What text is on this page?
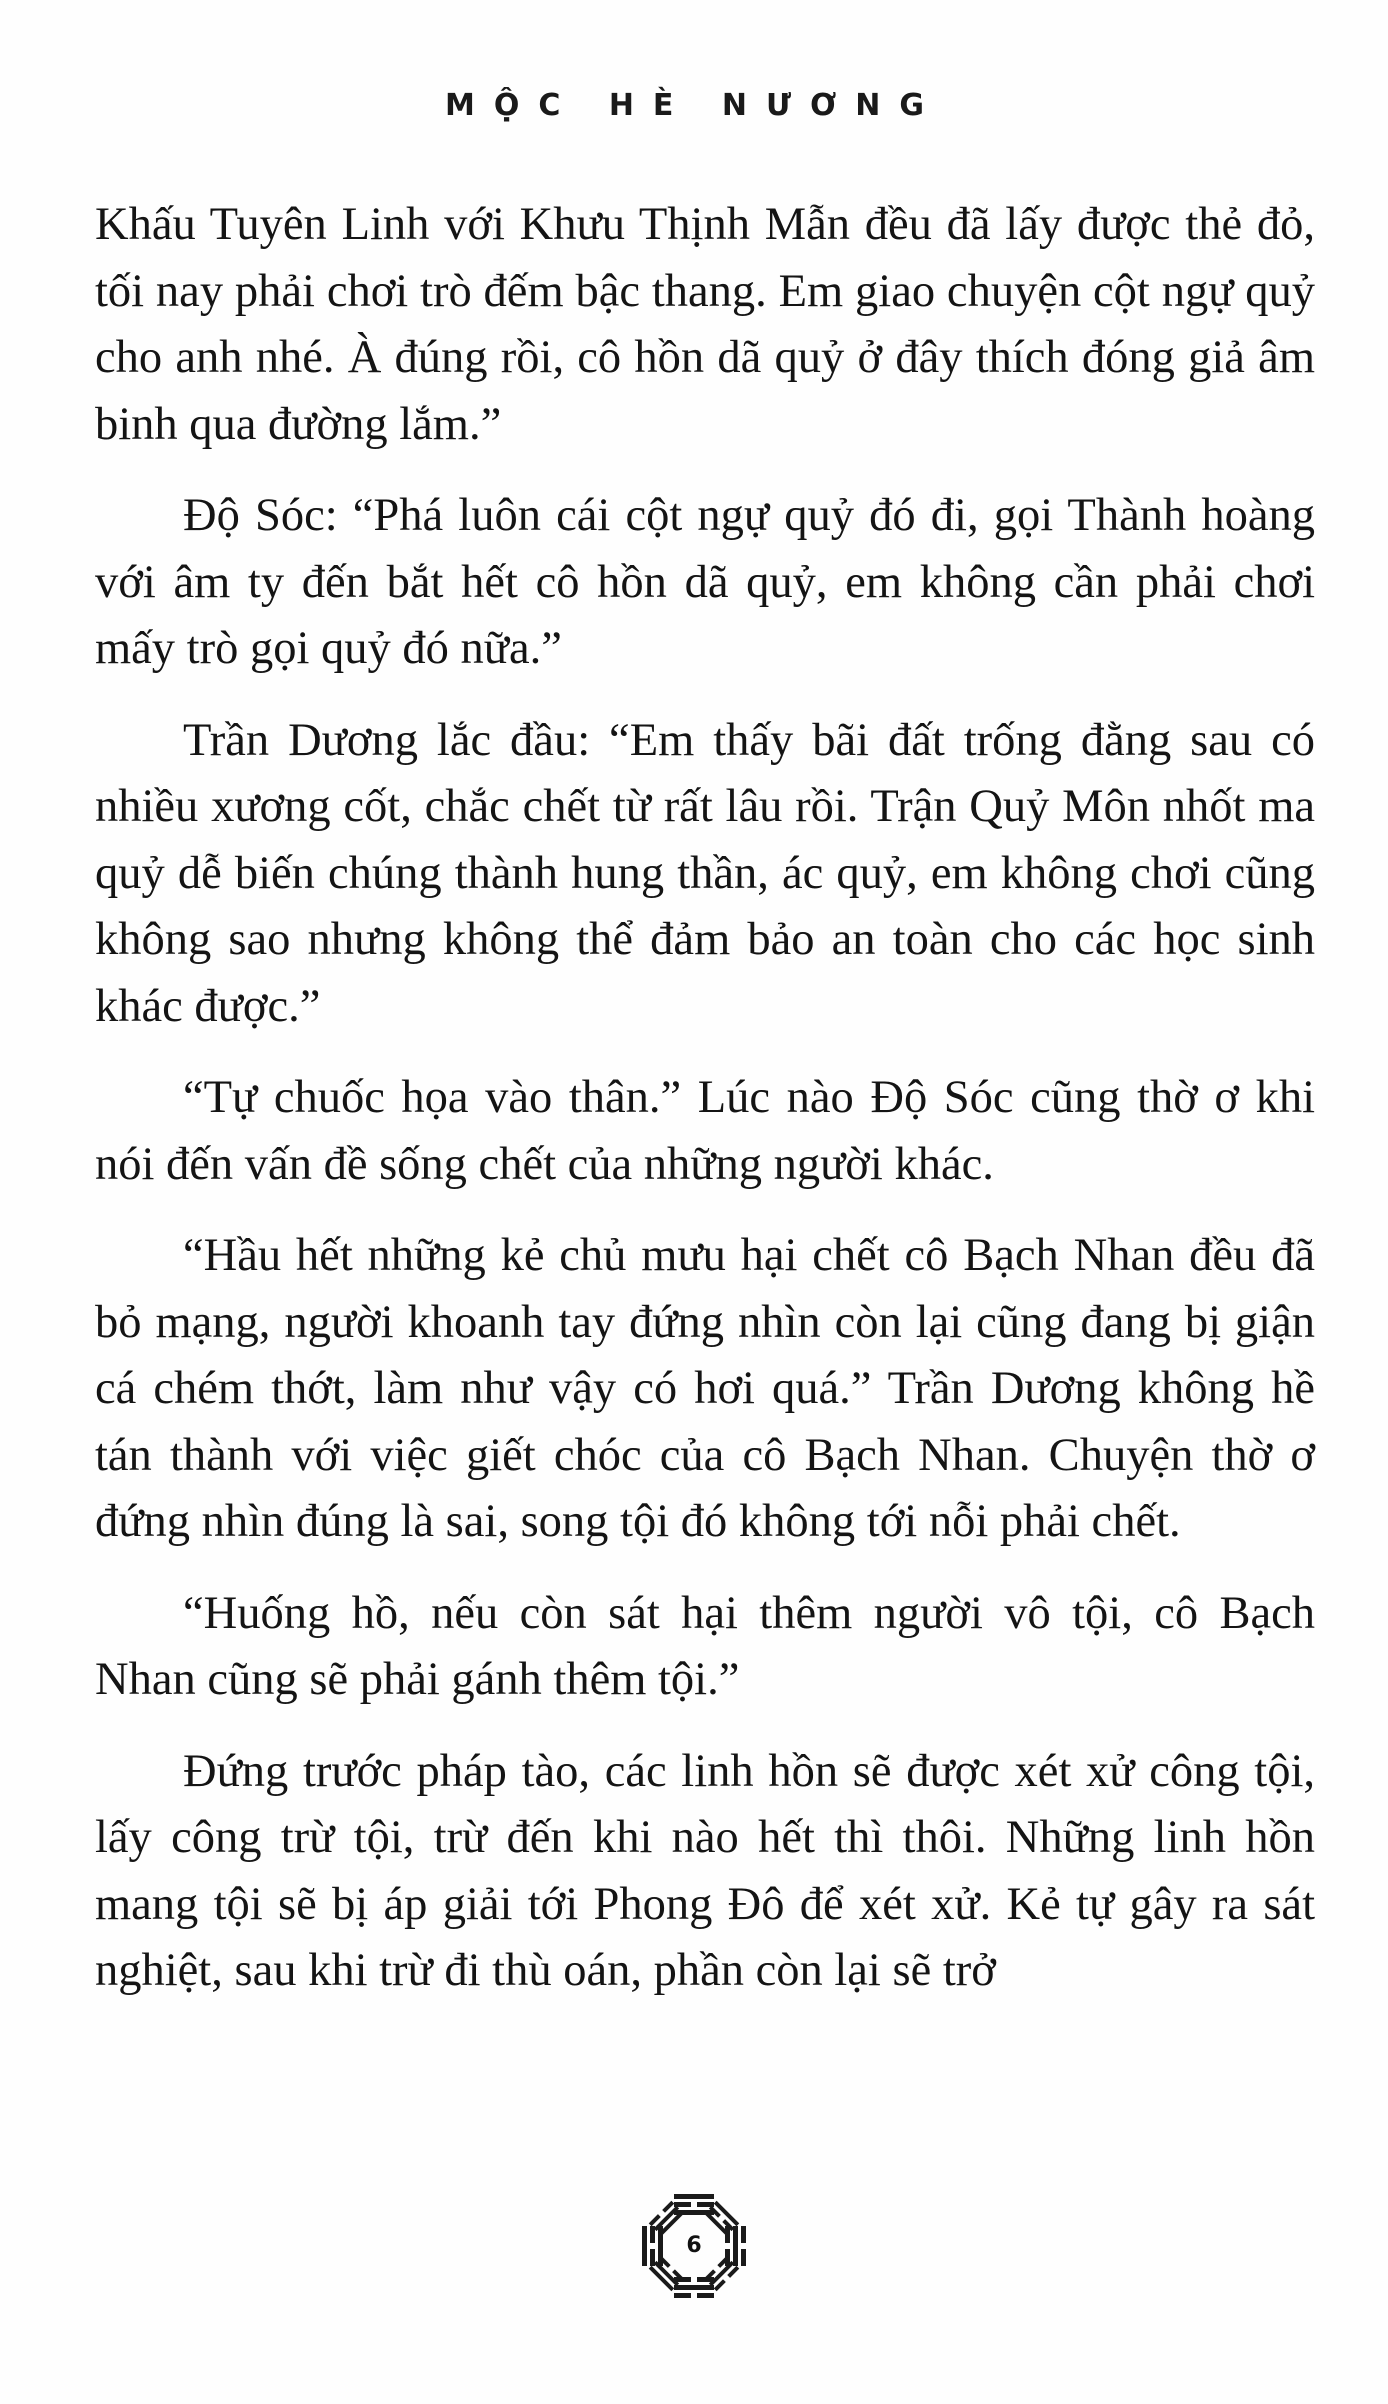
MỘC HÈ NƯƠNG

Khấu Tuyên Linh với Khưu Thịnh Mẫn đều đã lấy được thẻ đỏ, tối nay phải chơi trò đếm bậc thang. Em giao chuyện cột ngự quỷ cho anh nhé. À đúng rồi, cô hồn dã quỷ ở đây thích đóng giả âm binh qua đường lắm.”

Độ Sóc: “Phá luôn cái cột ngự quỷ đó đi, gọi Thành hoàng với âm ty đến bắt hết cô hồn dã quỷ, em không cần phải chơi mấy trò gọi quỷ đó nữa.”

Trần Dương lắc đầu: “Em thấy bãi đất trống đằng sau có nhiều xương cốt, chắc chết từ rất lâu rồi. Trận Quỷ Môn nhốt ma quỷ dễ biến chúng thành hung thần, ác quỷ, em không chơi cũng không sao nhưng không thể đảm bảo an toàn cho các học sinh khác được.”

“Tự chuốc họa vào thân.” Lúc nào Độ Sóc cũng thờ ơ khi nói đến vấn đề sống chết của những người khác.

“Hầu hết những kẻ chủ mưu hại chết cô Bạch Nhan đều đã bỏ mạng, người khoanh tay đứng nhìn còn lại cũng đang bị giận cá chém thớt, làm như vậy có hơi quá.” Trần Dương không hề tán thành với việc giết chóc của cô Bạch Nhan. Chuyện thờ ơ đứng nhìn đúng là sai, song tội đó không tới nỗi phải chết.

“Huống hồ, nếu còn sát hại thêm người vô tội, cô Bạch Nhan cũng sẽ phải gánh thêm tội.”

Đứng trước pháp tào, các linh hồn sẽ được xét xử công tội, lấy công trừ tội, trừ đến khi nào hết thì thôi. Những linh hồn mang tội sẽ bị áp giải tới Phong Đô để xét xử. Kẻ tự gây ra sát nghiệt, sau khi trừ đi thù oán, phần còn lại sẽ trở

6
